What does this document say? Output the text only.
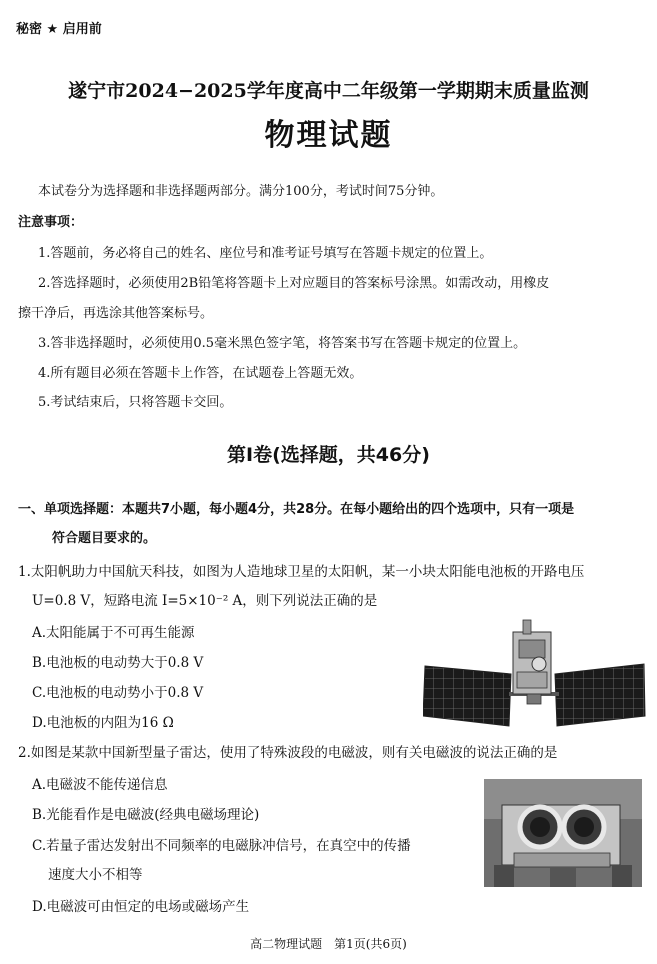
秘密 ★ 启用前
遂宁市2024−2025学年度高中二年级第一学期期末质量监测
物理试题
本试卷分为选择题和非选择题两部分。满分100分，考试时间75分钟。
注意事项：
1.答题前，务必将自己的姓名、座位号和准考证号填写在答题卡规定的位置上。
2.答选择题时，必须使用2B铅笔将答题卡上对应题目的答案标号涂黑。如需改动，用橡皮
擦干净后，再选涂其他答案标号。
3.答非选择题时，必须使用0.5毫米黑色签字笔，将答案书写在答题卡规定的位置上。
4.所有题目必须在答题卡上作答，在试题卷上答题无效。
5.考试结束后，只将答题卡交回。
第Ⅰ卷(选择题，共46分)
一、单项选择题：本题共7小题，每小题4分，共28分。在每小题给出的四个选项中，只有一项是
符合题目要求的。
1.太阳帆助力中国航天科技，如图为人造地球卫星的太阳帆，某一小块太阳能电池板的开路电压
U=0.8 V，短路电流 I=5×10⁻² A，则下列说法正确的是
A.太阳能属于不可再生能源
B.电池板的电动势大于0.8 V
C.电池板的电动势小于0.8 V
D.电池板的内阻为16 Ω
2.如图是某款中国新型量子雷达，使用了特殊波段的电磁波，则有关电磁波的说法正确的是
A.电磁波不能传递信息
B.光能看作是电磁波(经典电磁场理论)
C.若量子雷达发射出不同频率的电磁脉冲信号，在真空中的传播
速度大小不相等
D.电磁波可由恒定的电场或磁场产生
高二物理试题　第1页(共6页)
